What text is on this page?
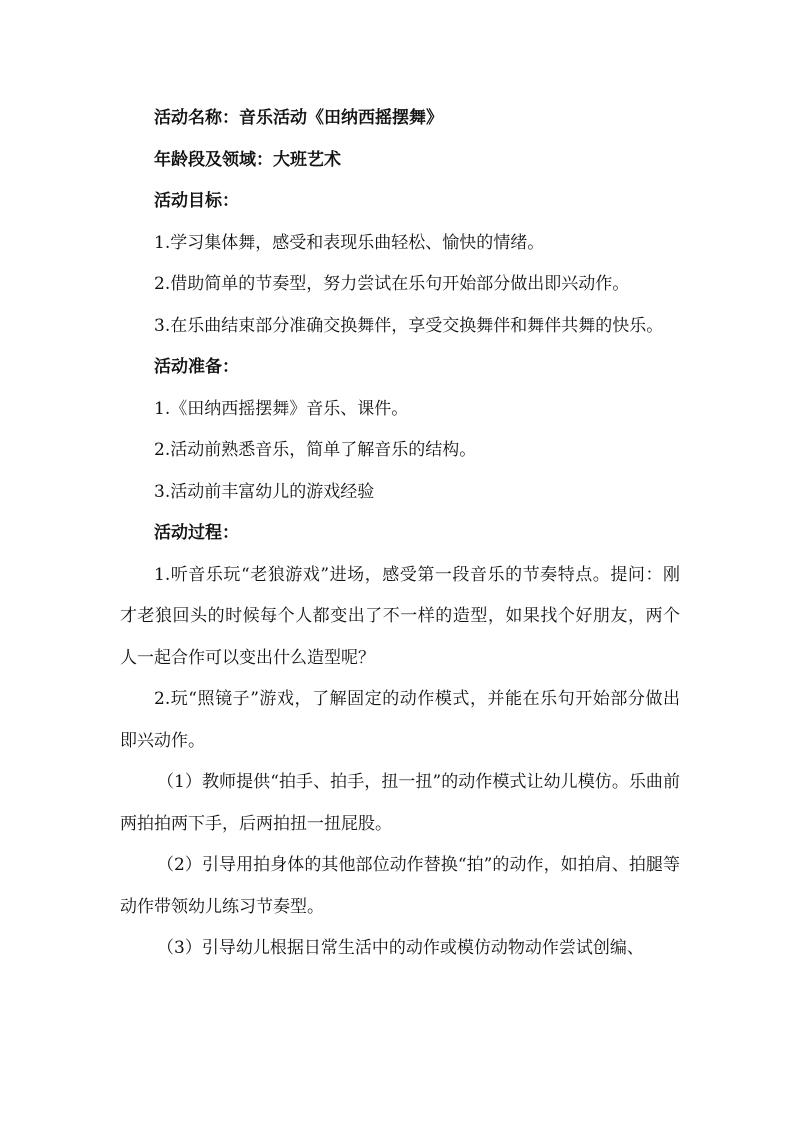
活动名称：音乐活动《田纳西摇摆舞》

年龄段及领域：大班艺术

活动目标：

1.学习集体舞，感受和表现乐曲轻松、愉快的情绪。

2.借助简单的节奏型，努力尝试在乐句开始部分做出即兴动作。

3.在乐曲结束部分准确交换舞伴，享受交换舞伴和舞伴共舞的快乐。

活动准备：

1.《田纳西摇摆舞》音乐、课件。

2.活动前熟悉音乐，简单了解音乐的结构。

3.活动前丰富幼儿的游戏经验

活动过程：

1.听音乐玩“老狼游戏”进场，感受第一段音乐的节奏特点。提问：刚才老狼回头的时候每个人都变出了不一样的造型，如果找个好朋友，两个人一起合作可以变出什么造型呢？

2.玩“照镜子”游戏，了解固定的动作模式，并能在乐句开始部分做出即兴动作。

（1）教师提供“拍手、拍手，扭一扭”的动作模式让幼儿模仿。乐曲前两拍拍两下手，后两拍扭一扭屁股。

（2）引导用拍身体的其他部位动作替换“拍”的动作，如拍肩、拍腿等动作带领幼儿练习节奏型。

（3）引导幼儿根据日常生活中的动作或模仿动物动作尝试创编、
